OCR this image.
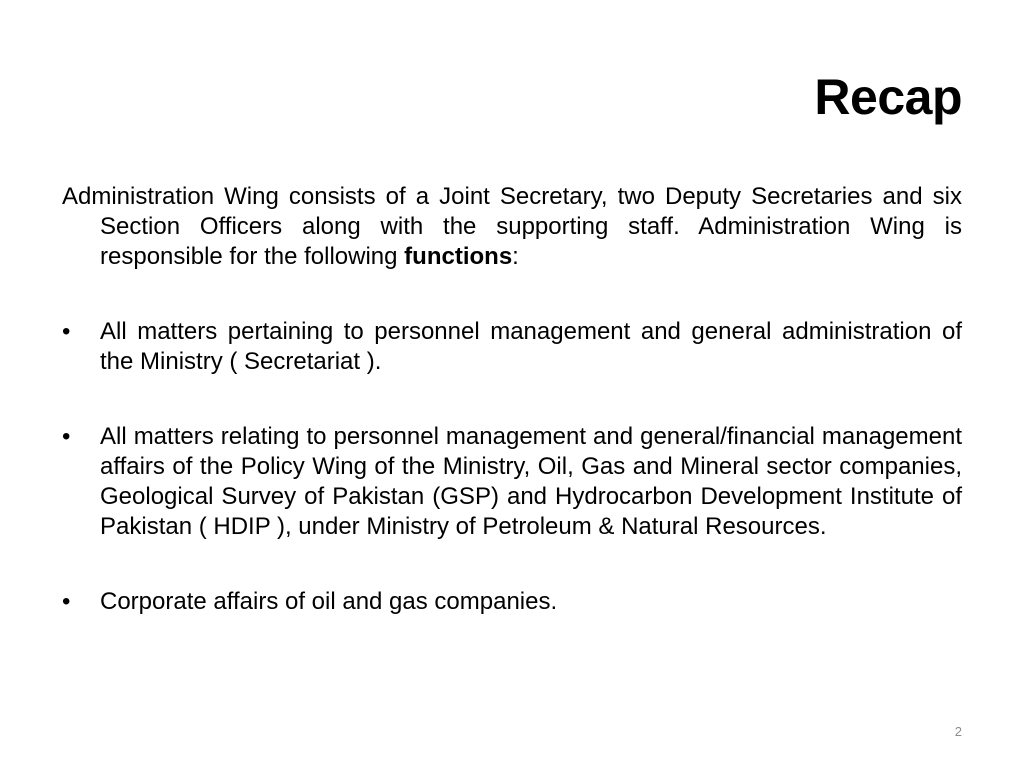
Recap

Administration Wing consists of a Joint Secretary, two Deputy Secretaries and six Section Officers along with the supporting staff. Administration Wing is responsible for the following functions:

•	All matters pertaining to personnel management and general administration of the Ministry ( Secretariat ).
•	All matters relating to personnel management and general/financial management affairs of the Policy Wing of the Ministry, Oil, Gas and Mineral sector companies, Geological Survey of Pakistan (GSP) and Hydrocarbon Development Institute of Pakistan ( HDIP ), under Ministry of Petroleum & Natural Resources.
•	Corporate affairs of oil and gas companies.
2
